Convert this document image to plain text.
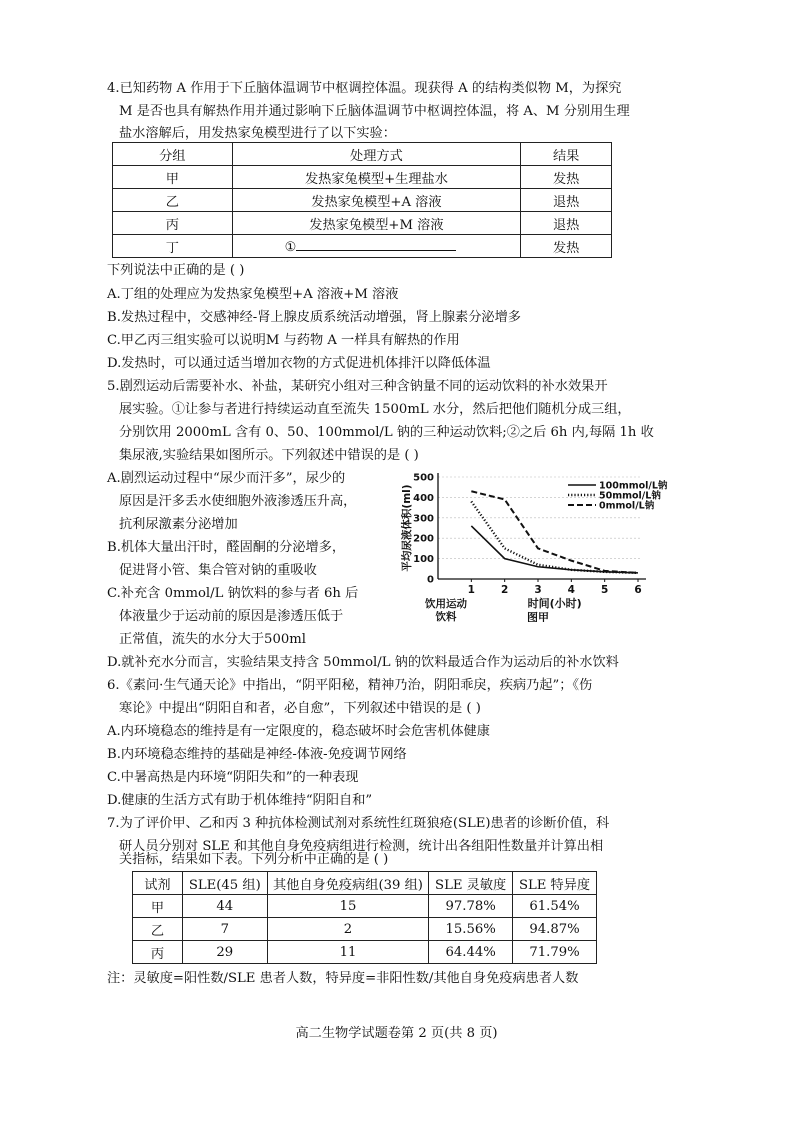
4.已知药物 A 作用于下丘脑体温调节中枢调控体温。现获得 A 的结构类似物 M，为探究
M 是否也具有解热作用并通过影响下丘脑体温调节中枢调控体温，将 A、M 分别用生理
盐水溶解后，用发热家兔模型进行了以下实验：
分组	处理方式	结果
甲	发热家兔模型+生理盐水	发热
乙	发热家兔模型+A 溶液	退热
丙	发热家兔模型+M 溶液	退热
丁	①	发热
下列说法中正确的是 ( )
A.丁组的处理应为发热家兔模型+A 溶液+M 溶液
B.发热过程中，交感神经-肾上腺皮质系统活动增强，肾上腺素分泌增多
C.甲乙丙三组实验可以说明M 与药物 A 一样具有解热的作用
D.发热时，可以通过适当增加衣物的方式促进机体排汗以降低体温
5.剧烈运动后需要补水、补盐，某研究小组对三种含钠量不同的运动饮料的补水效果开
展实验。①让参与者进行持续运动直至流失 1500mL 水分，然后把他们随机分成三组，
分别饮用 2000mL 含有 0、50、100mmol/L 钠的三种运动饮料;②之后 6h 内,每隔 1h 收
集尿液,实验结果如图所示。下列叙述中错误的是 ( )
A.剧烈运动过程中“尿少而汗多”，尿少的
原因是汗多丢水使细胞外液渗透压升高，
抗利尿激素分泌增加
B.机体大量出汗时，醛固酮的分泌增多，
促进肾小管、集合管对钠的重吸收
C.补充含 0mmol/L 钠饮料的参与者 6h 后
体液量少于运动前的原因是渗透压低于
正常值，流失的水分大于500ml
D.就补充水分而言，实验结果支持含 50mmol/L 钠的饮料最适合作为运动后的补水饮料
0
100
200
300
400
500
1 2 3 4 5 6
平均尿液体积(ml)
时间(小时)
饮用运动
饮料	图甲
100mmol/L钠
50mmol/L钠
0mmol/L钠
6.《素问·生气通天论》中指出，“阴平阳秘，精神乃治，阴阳乖戾，疾病乃起”；《伤
寒论》中提出“阴阳自和者，必自愈”，下列叙述中错误的是 ( )
A.内环境稳态的维持是有一定限度的，稳态破坏时会危害机体健康
B.内环境稳态维持的基础是神经-体液-免疫调节网络
C.中暑高热是内环境“阴阳失和”的一种表现
D.健康的生活方式有助于机体维持“阴阳自和”
7.为了评价甲、乙和丙 3 种抗体检测试剂对系统性红斑狼疮(SLE)患者的诊断价值，科
研人员分别对 SLE 和其他自身免疫病组进行检测，统计出各组阳性数量并计算出相
关指标，结果如下表。下列分析中正确的是 ( )
试剂	SLE(45 组)	其他自身免疫病组(39 组)	SLE 灵敏度	SLE 特异度
甲	44	15	97.78%	61.54%
乙	7	2	15.56%	94.87%
丙	29	11	64.44%	71.79%
注：灵敏度=阳性数/SLE 患者人数，特异度=非阳性数/其他自身免疫病患者人数
高二生物学试题卷第 2 页(共 8 页)
